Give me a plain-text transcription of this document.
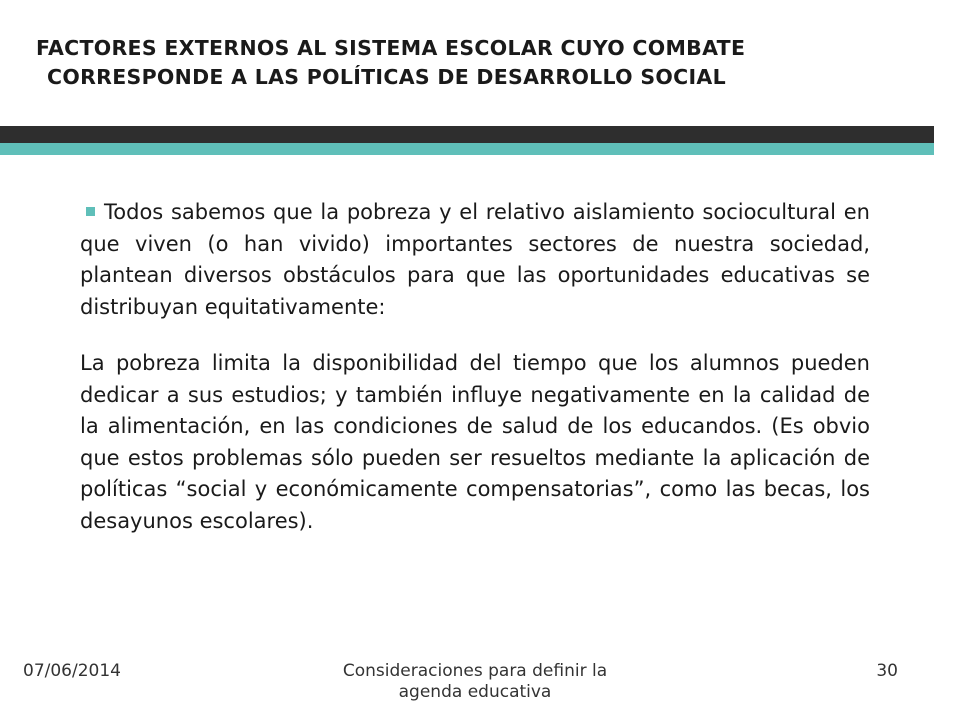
FACTORES EXTERNOS AL SISTEMA ESCOLAR CUYO COMBATE
CORRESPONDE A LAS POLÍTICAS DE DESARROLLO SOCIAL

Todos sabemos que la pobreza y el relativo aislamiento sociocultural en que viven (o han vivido) importantes sectores de nuestra sociedad, plantean diversos obstáculos para que las oportunidades educativas se distribuyan equitativamente:

La pobreza limita la disponibilidad del tiempo que los alumnos pueden dedicar a sus estudios; y también influye negativamente en la calidad de la alimentación, en las condiciones de salud de los educandos. (Es obvio que estos problemas sólo pueden ser resueltos mediante la aplicación de políticas “social y económicamente compensatorias”, como las becas, los desayunos escolares).

07/06/2014	Consideraciones para definir la agenda educativa
30
